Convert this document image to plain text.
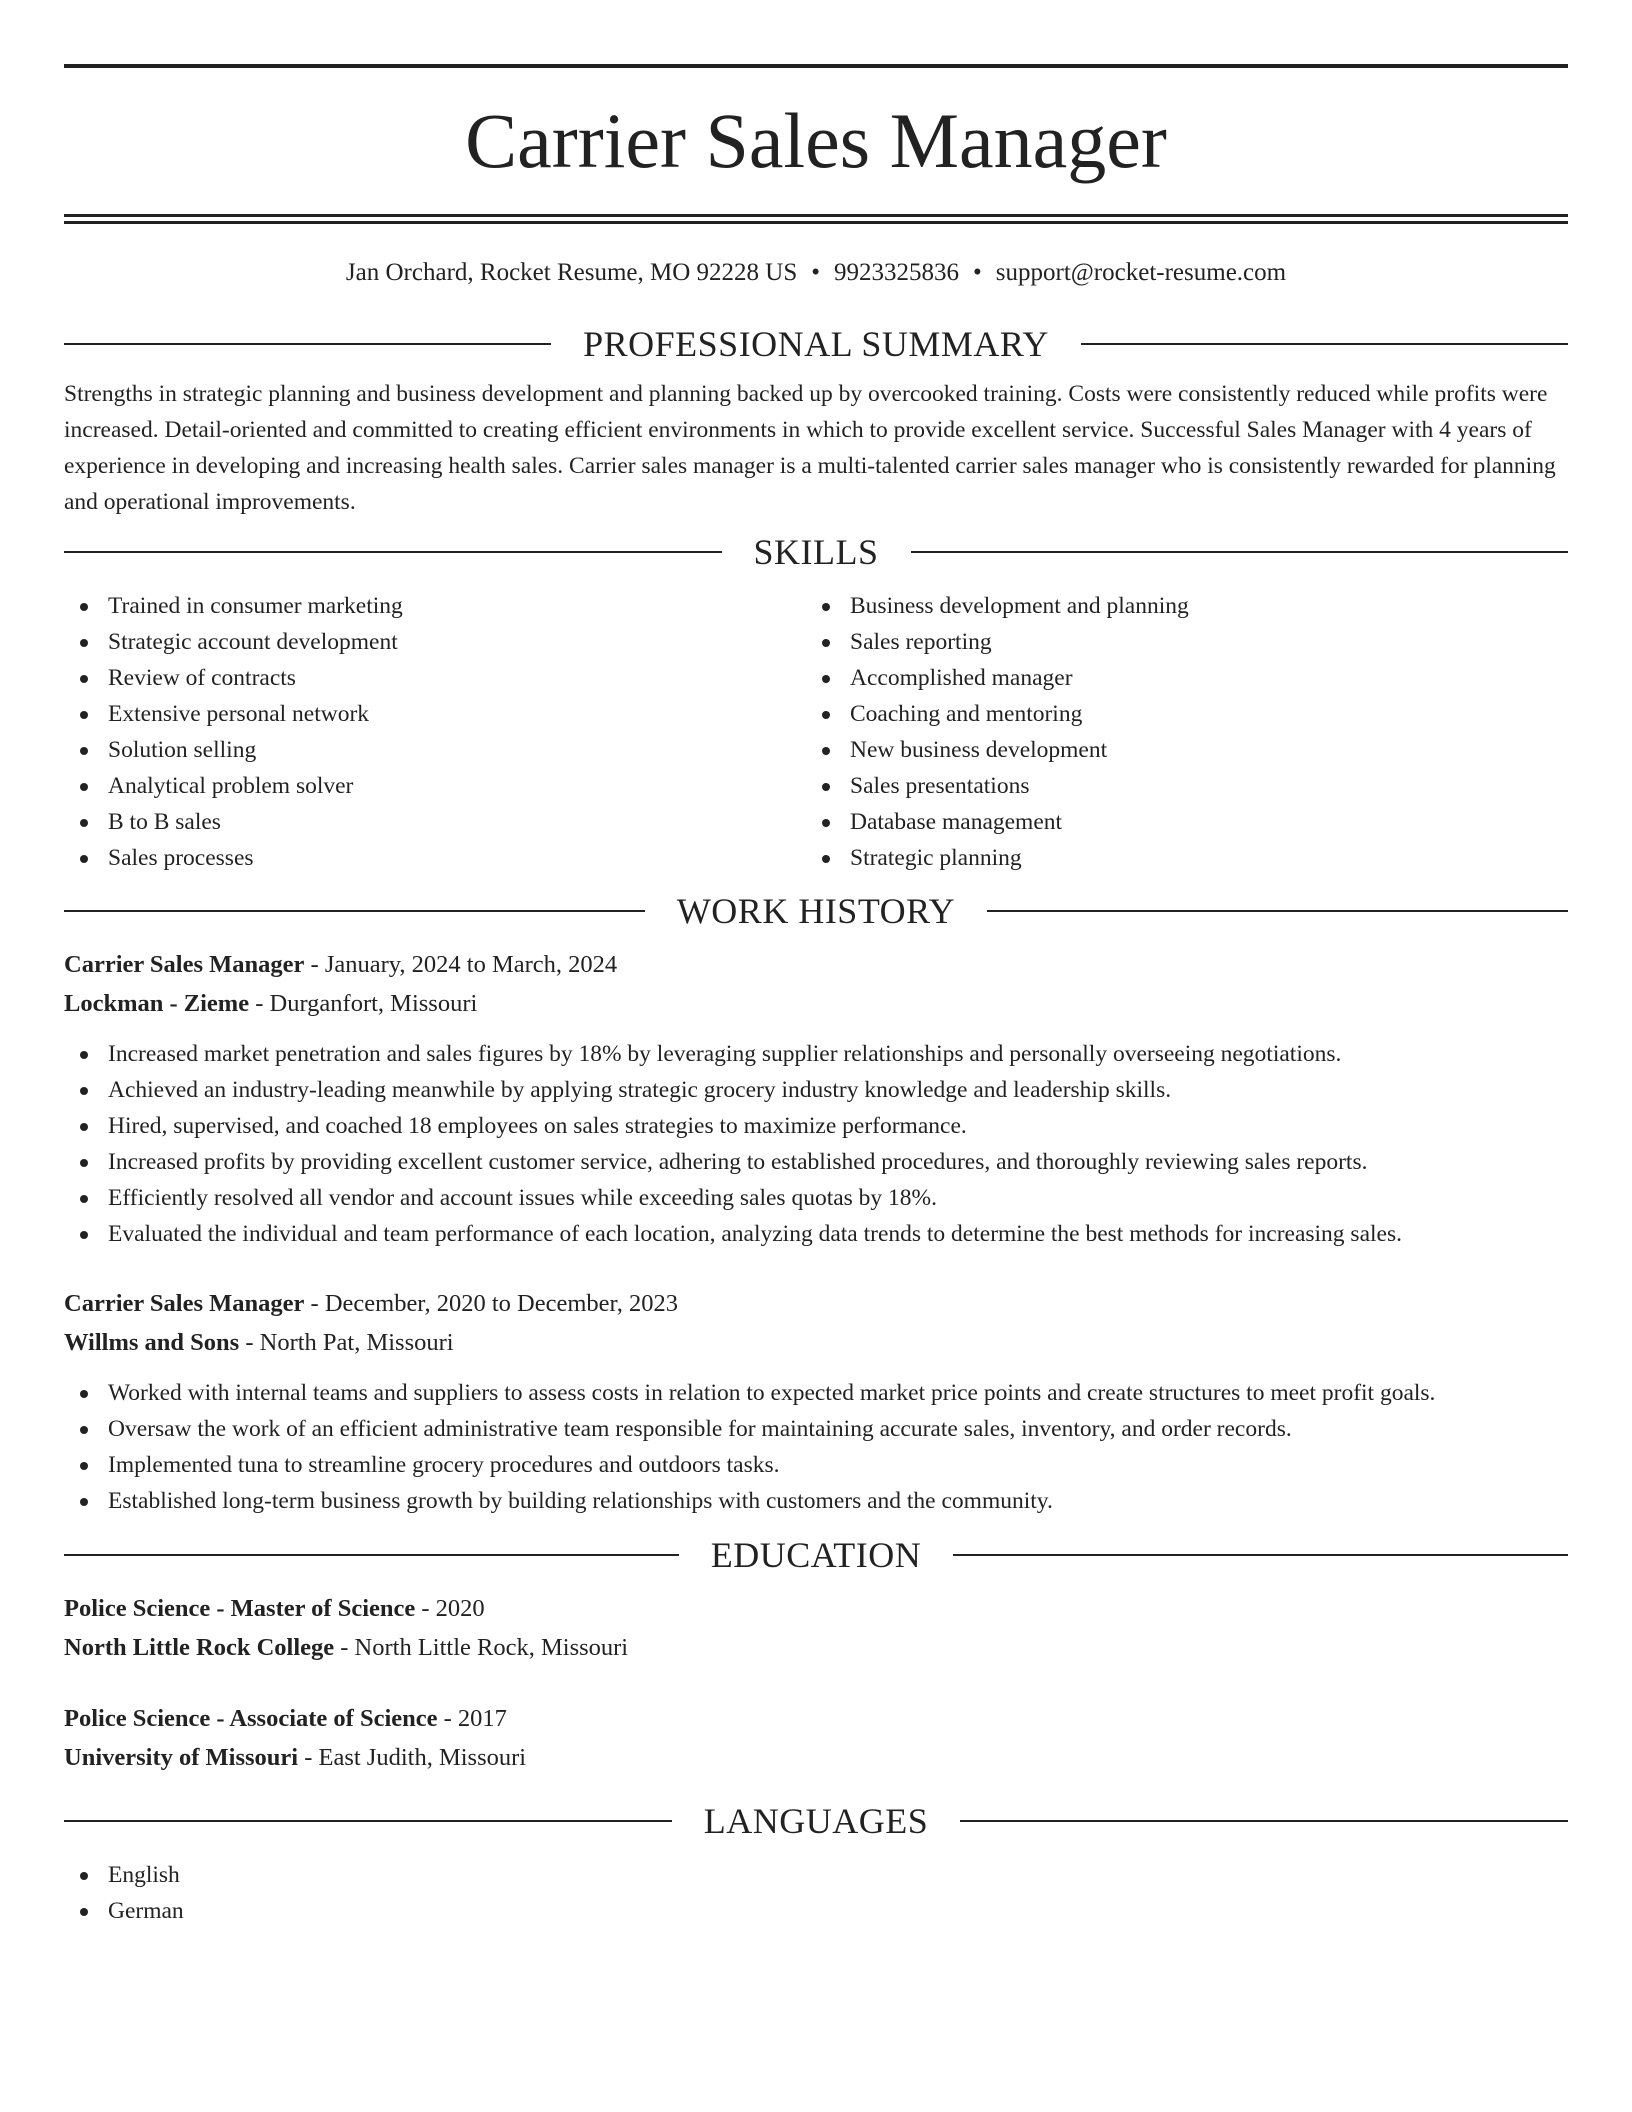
Carrier Sales Manager
Jan Orchard, Rocket Resume, MO 92228 US • 9923325836 • support@rocket-resume.com
PROFESSIONAL SUMMARY

Strengths in strategic planning and business development and planning backed up by overcooked training. Costs were consistently reduced while profits were increased. Detail-oriented and committed to creating efficient environments in which to provide excellent service. Successful Sales Manager with 4 years of experience in developing and increasing health sales. Carrier sales manager is a multi-talented carrier sales manager who is consistently rewarded for planning and operational improvements.

SKILLS
Trained in consumer marketing
Strategic account development
Review of contracts
Extensive personal network
Solution selling
Analytical problem solver
B to B sales
Sales processes
Business development and planning
Sales reporting
Accomplished manager
Coaching and mentoring
New business development
Sales presentations
Database management
Strategic planning
WORK HISTORY
Carrier Sales Manager - January, 2024 to March, 2024
Lockman - Zieme - Durganfort, Missouri
Increased market penetration and sales figures by 18% by leveraging supplier relationships and personally overseeing negotiations.
Achieved an industry-leading meanwhile by applying strategic grocery industry knowledge and leadership skills.
Hired, supervised, and coached 18 employees on sales strategies to maximize performance.
Increased profits by providing excellent customer service, adhering to established procedures, and thoroughly reviewing sales reports.
Efficiently resolved all vendor and account issues while exceeding sales quotas by 18%.
Evaluated the individual and team performance of each location, analyzing data trends to determine the best methods for increasing sales.
Carrier Sales Manager - December, 2020 to December, 2023
Willms and Sons - North Pat, Missouri
Worked with internal teams and suppliers to assess costs in relation to expected market price points and create structures to meet profit goals.
Oversaw the work of an efficient administrative team responsible for maintaining accurate sales, inventory, and order records.
Implemented tuna to streamline grocery procedures and outdoors tasks.
Established long-term business growth by building relationships with customers and the community.
EDUCATION
Police Science - Master of Science - 2020
North Little Rock College - North Little Rock, Missouri
Police Science - Associate of Science - 2017
University of Missouri - East Judith, Missouri
LANGUAGES
English
German
